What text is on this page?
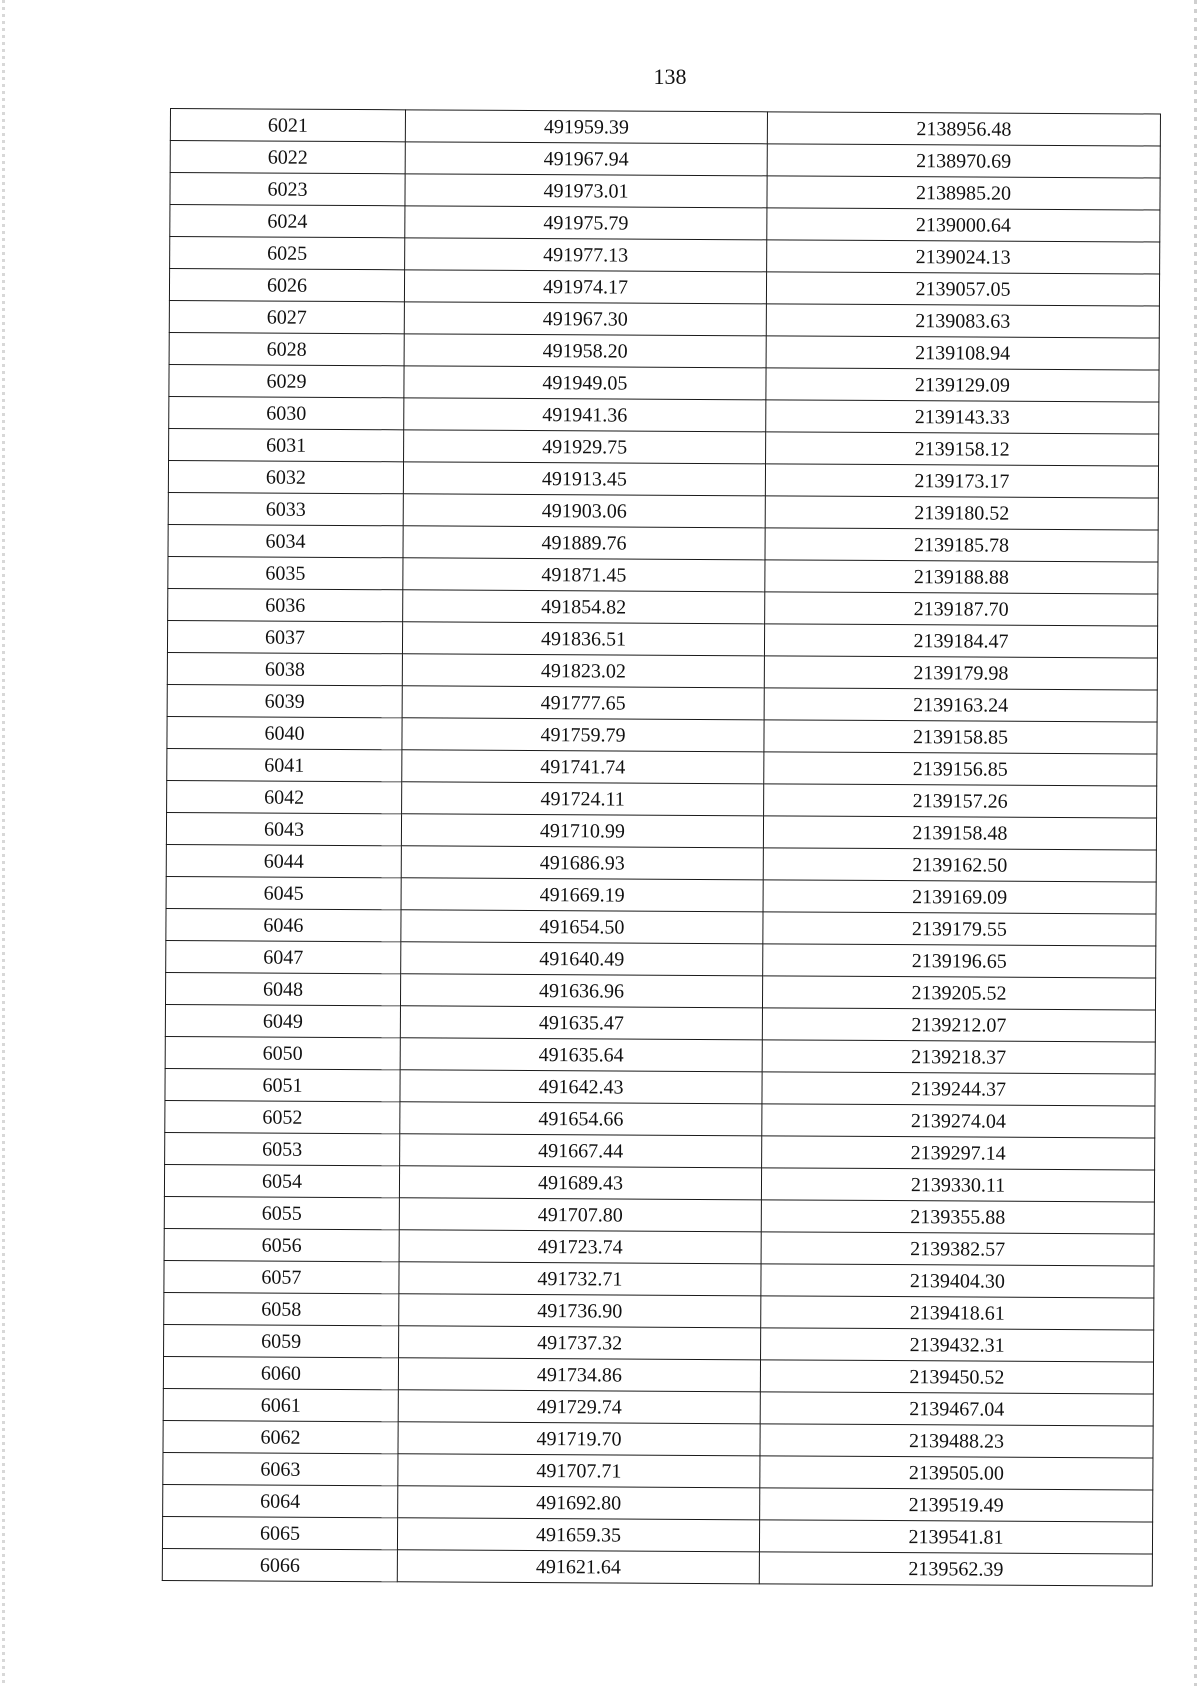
138
6021	491959.39	2138956.48
6022	491967.94	2138970.69
6023	491973.01	2138985.20
6024	491975.79	2139000.64
6025	491977.13	2139024.13
6026	491974.17	2139057.05
6027	491967.30	2139083.63
6028	491958.20	2139108.94
6029	491949.05	2139129.09
6030	491941.36	2139143.33
6031	491929.75	2139158.12
6032	491913.45	2139173.17
6033	491903.06	2139180.52
6034	491889.76	2139185.78
6035	491871.45	2139188.88
6036	491854.82	2139187.70
6037	491836.51	2139184.47
6038	491823.02	2139179.98
6039	491777.65	2139163.24
6040	491759.79	2139158.85
6041	491741.74	2139156.85
6042	491724.11	2139157.26
6043	491710.99	2139158.48
6044	491686.93	2139162.50
6045	491669.19	2139169.09
6046	491654.50	2139179.55
6047	491640.49	2139196.65
6048	491636.96	2139205.52
6049	491635.47	2139212.07
6050	491635.64	2139218.37
6051	491642.43	2139244.37
6052	491654.66	2139274.04
6053	491667.44	2139297.14
6054	491689.43	2139330.11
6055	491707.80	2139355.88
6056	491723.74	2139382.57
6057	491732.71	2139404.30
6058	491736.90	2139418.61
6059	491737.32	2139432.31
6060	491734.86	2139450.52
6061	491729.74	2139467.04
6062	491719.70	2139488.23
6063	491707.71	2139505.00
6064	491692.80	2139519.49
6065	491659.35	2139541.81
6066	491621.64	2139562.39
